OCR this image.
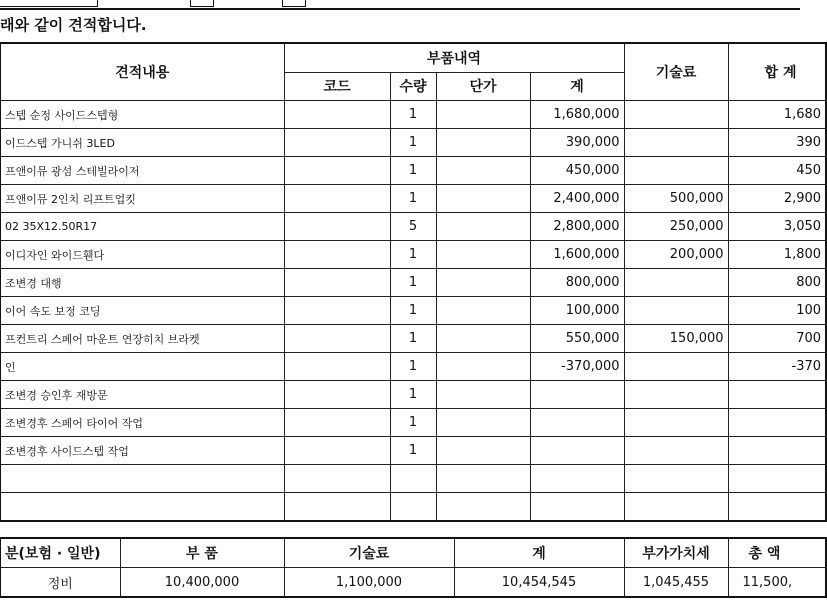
래와 같이 견적합니다.
견적내용	부품내역				기술료	합 계
	코드	수량	단가	계		
스텝 순정 사이드스텝형		1		1,680,000		1,680
이드스텝 가니쉬 3LED		1		390,000		390
프앤이뮤 광섬 스테빌라이저		1		450,000		450
프앤이뮤 2인치 리프트업킷		1		2,400,000	500,000	2,900
02 35X12.50R17		5		2,800,000	250,000	3,050
이디자인 와이드휀다		1		1,600,000	200,000	1,800
조변경 대행		1		800,000		800
이어 속도 보정 코딩		1		100,000		100
프컨트리 스페어 마운트 연장히치 브라켓		1		550,000	150,000	700
인		1		-370,000		-370
조변경 승인후 재방문		1				
조변경후 스페어 타이어 작업		1				
조변경후 사이드스텝 작업		1				

분(보험 · 일반)	부 품	기술료	계	부가가치세	총 액
정비	10,400,000	1,100,000	10,454,545	1,045,455	11,500,
